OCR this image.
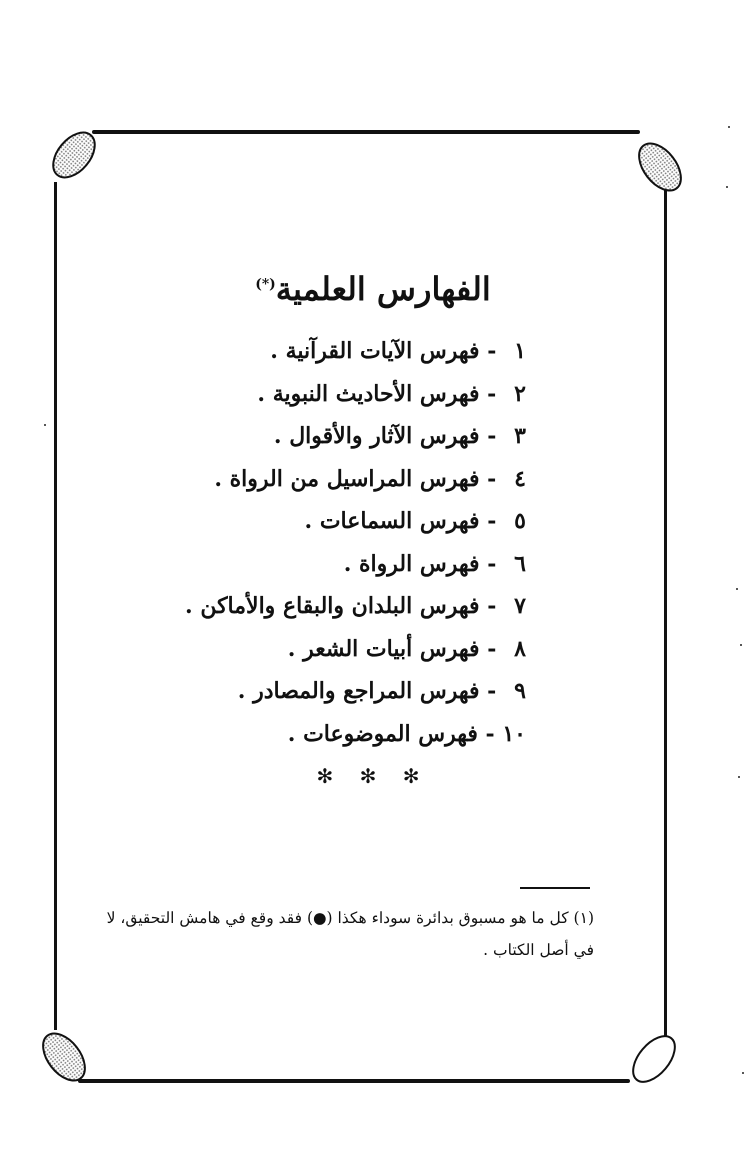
الفهارس العلمية(*)
١ - فهرس الآيات القرآنية .
٢ - فهرس الأحاديث النبوية .
٣ - فهرس الآثار والأقوال .
٤ - فهرس المراسيل من الرواة .
٥ - فهرس السماعات .
٦ - فهرس الرواة .
٧ - فهرس البلدان والبقاع والأماكن .
٨ - فهرس أبيات الشعر .
٩ - فهرس المراجع والمصادر .
١٠ - فهرس الموضوعات .
✻ ✻ ✻

(١) كل ما هو مسبوق بدائرة سوداء هكذا (●) فقد وقع في هامش التحقيق، لا
في أصل الكتاب .
